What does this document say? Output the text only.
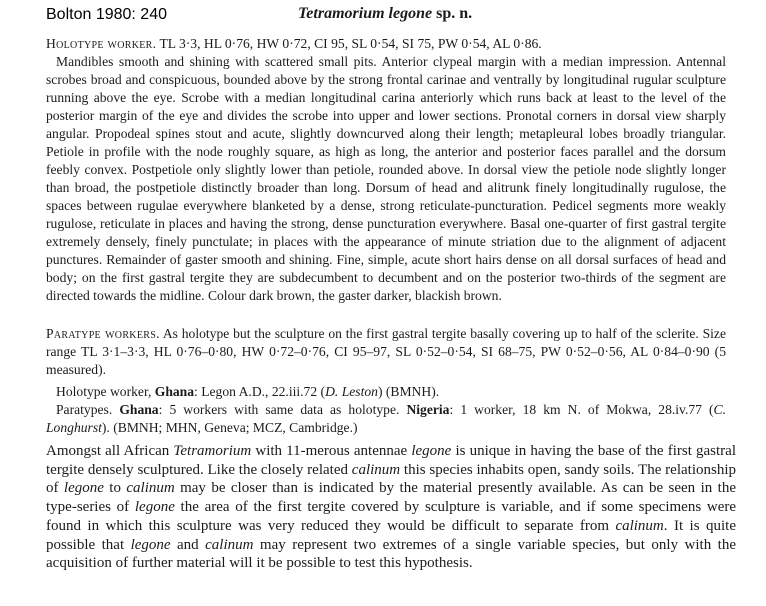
Bolton 1980: 240	Tetramorium legone sp. n.

Holotype worker. TL 3·3, HL 0·76, HW 0·72, CI 95, SL 0·54, SI 75, PW 0·54, AL 0·86.

Mandibles smooth and shining with scattered small pits. Anterior clypeal margin with a median impression. Antennal scrobes broad and conspicuous, bounded above by the strong frontal carinae and ventrally by longitudinal rugular sculpture running above the eye. Scrobe with a median longitudinal carina anteriorly which runs back at least to the level of the posterior margin of the eye and divides the scrobe into upper and lower sections. Pronotal corners in dorsal view sharply angular. Propodeal spines stout and acute, slightly downcurved along their length; metapleural lobes broadly triangular. Petiole in profile with the node roughly square, as high as long, the anterior and posterior faces parallel and the dorsum feebly convex. Postpetiole only slightly lower than petiole, rounded above. In dorsal view the petiole node slightly longer than broad, the postpetiole distinctly broader than long. Dorsum of head and alitrunk finely longitudinally rugulose, the spaces between rugulae everywhere blanketed by a dense, strong reticulate-puncturation. Pedicel segments more weakly rugulose, reticulate in places and having the strong, dense puncturation everywhere. Basal one-quarter of first gastral tergite extremely densely, finely punctulate; in places with the appearance of minute striation due to the alignment of adjacent punctures. Remainder of gaster smooth and shining. Fine, simple, acute short hairs dense on all dorsal surfaces of head and body; on the first gastral tergite they are subdecumbent to decumbent and on the posterior two-thirds of the segment are directed towards the midline. Colour dark brown, the gaster darker, blackish brown.

Paratype workers. As holotype but the sculpture on the first gastral tergite basally covering up to half of the sclerite. Size range TL 3·1–3·3, HL 0·76–0·80, HW 0·72–0·76, CI 95–97, SL 0·52–0·54, SI 68–75, PW 0·52–0·56, AL 0·84–0·90 (5 measured).

Holotype worker, Ghana: Legon A.D., 22.iii.72 (D. Leston) (BMNH).

Paratypes. Ghana: 5 workers with same data as holotype. Nigeria: 1 worker, 18 km N. of Mokwa, 28.iv.77 (C. Longhurst). (BMNH; MHN, Geneva; MCZ, Cambridge.)

Amongst all African Tetramorium with 11-merous antennae legone is unique in having the base of the first gastral tergite densely sculptured. Like the closely related calinum this species inhabits open, sandy soils. The relationship of legone to calinum may be closer than is indicated by the material presently available. As can be seen in the type-series of legone the area of the first tergite covered by sculpture is variable, and if some specimens were found in which this sculpture was very reduced they would be difficult to separate from calinum. It is quite possible that legone and calinum may represent two extremes of a single variable species, but only with the acquisition of further material will it be possible to test this hypothesis.
